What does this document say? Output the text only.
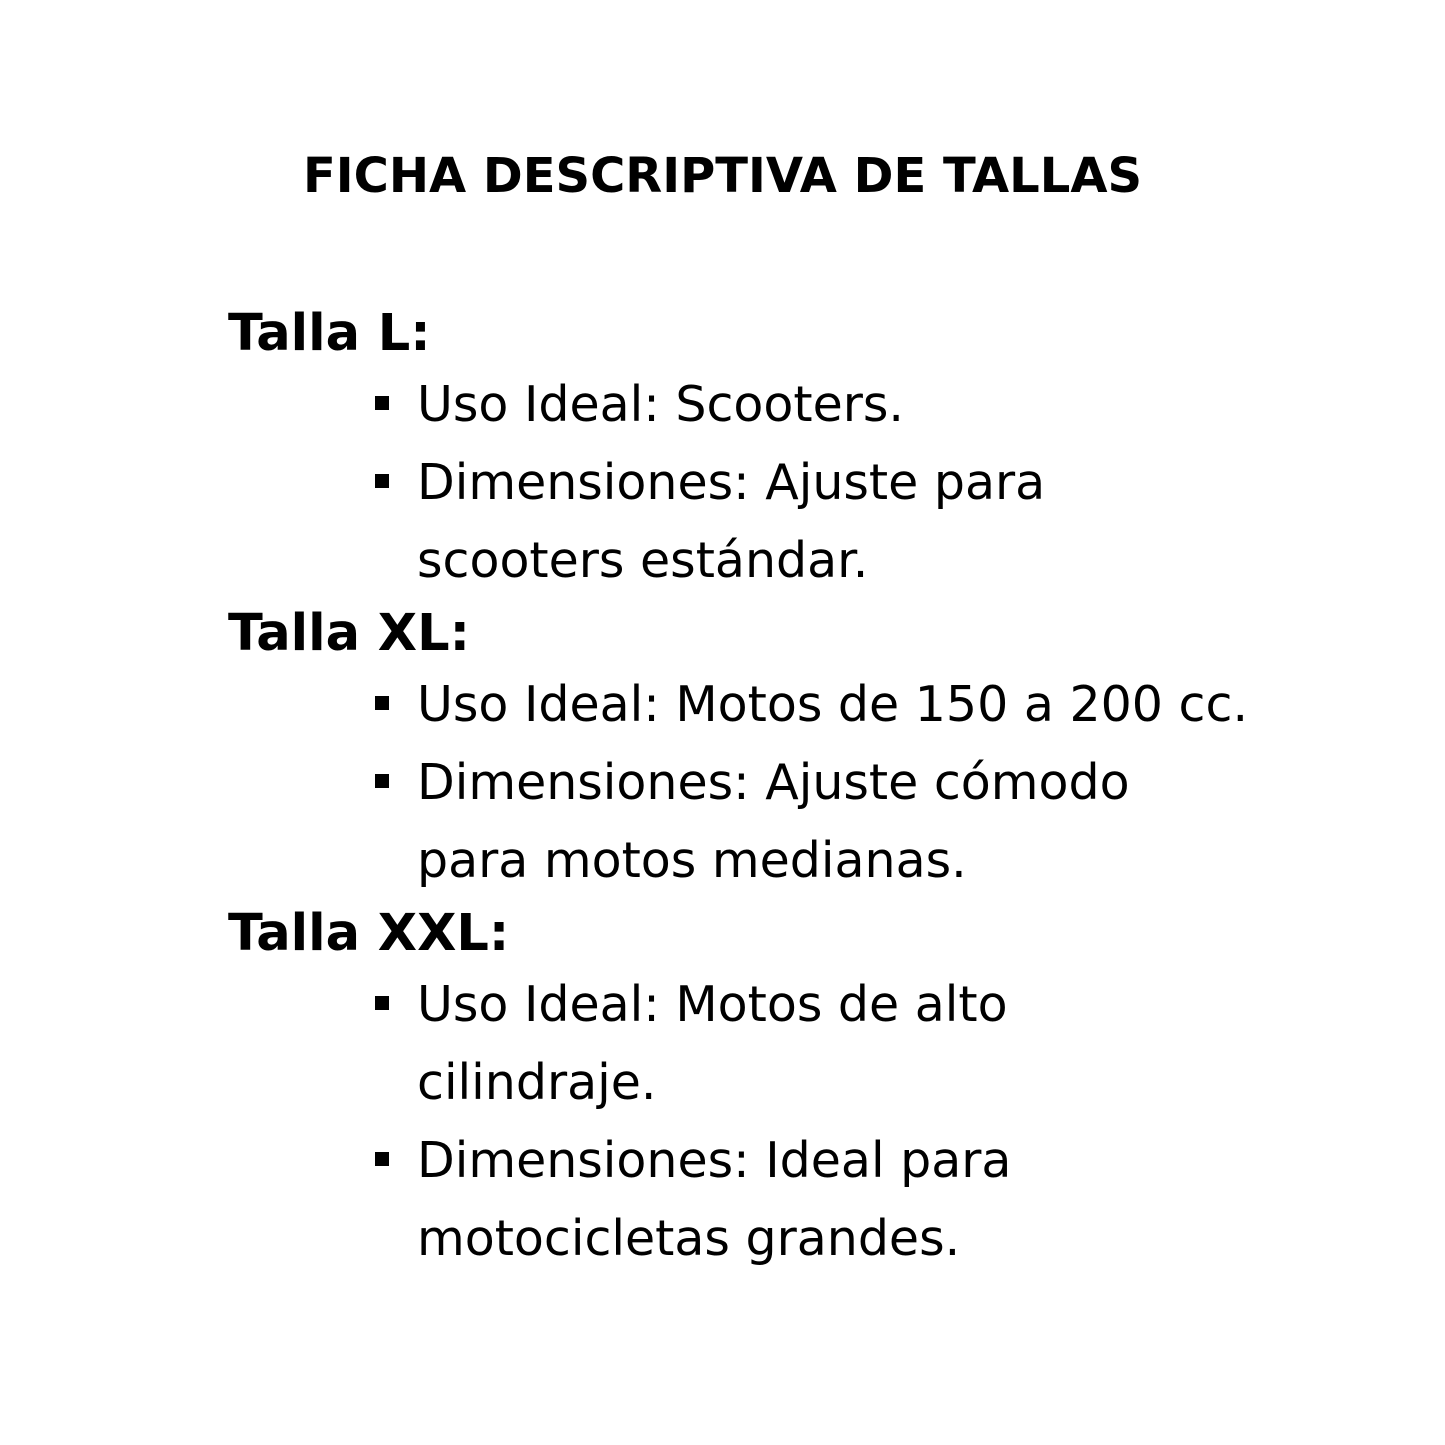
FICHA DESCRIPTIVA DE TALLAS
Talla L:
Uso Ideal: Scooters.
Dimensiones: Ajuste para scooters estándar.
Talla XL:
Uso Ideal: Motos de 150 a 200 cc.
Dimensiones: Ajuste cómodo para motos medianas.
Talla XXL:
Uso Ideal: Motos de alto cilindraje.
Dimensiones: Ideal para motocicletas grandes.
